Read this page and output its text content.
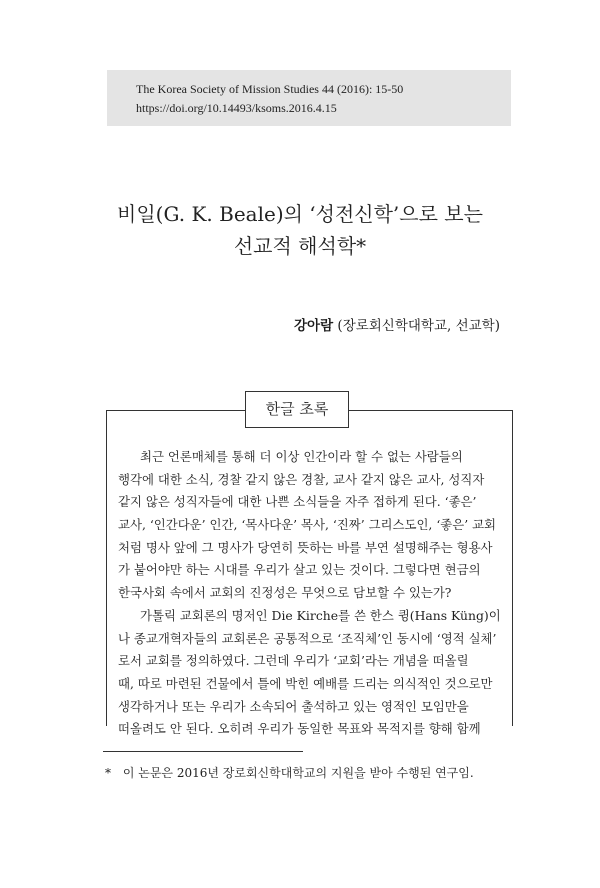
The Korea Society of Mission Studies 44 (2016): 15-50
https://doi.org/10.14493/ksoms.2016.4.15
비일(G. K. Beale)의 ‘성전신학’으로 보는
선교적 해석학*
강아람 (장로회신학대학교, 선교학)
한글 초록
최근 언론매체를 통해 더 이상 인간이라 할 수 없는 사람들의
행각에 대한 소식, 경찰 같지 않은 경찰, 교사 같지 않은 교사, 성직자
같지 않은 성직자들에 대한 나쁜 소식들을 자주 접하게 된다. ‘좋은’
교사, ‘인간다운’ 인간, ‘목사다운’ 목사, ‘진짜’ 그리스도인, ‘좋은’ 교회
처럼 명사 앞에 그 명사가 당연히 뜻하는 바를 부연 설명해주는 형용사
가 붙어야만 하는 시대를 우리가 살고 있는 것이다. 그렇다면 현금의
한국사회 속에서 교회의 진정성은 무엇으로 담보할 수 있는가?
가톨릭 교회론의 명저인 Die Kirche를 쓴 한스 큉(Hans Küng)이
나 종교개혁자들의 교회론은 공통적으로 ‘조직체’인 동시에 ‘영적 실체’
로서 교회를 정의하였다. 그런데 우리가 ‘교회’라는 개념을 떠올릴
때, 따로 마련된 건물에서 틀에 박힌 예배를 드리는 의식적인 것으로만
생각하거나 또는 우리가 소속되어 출석하고 있는 영적인 모임만을
떠올려도 안 된다. 오히려 우리가 동일한 목표와 목적지를 향해 함께
* 이 논문은 2016년 장로회신학대학교의 지원을 받아 수행된 연구임.
